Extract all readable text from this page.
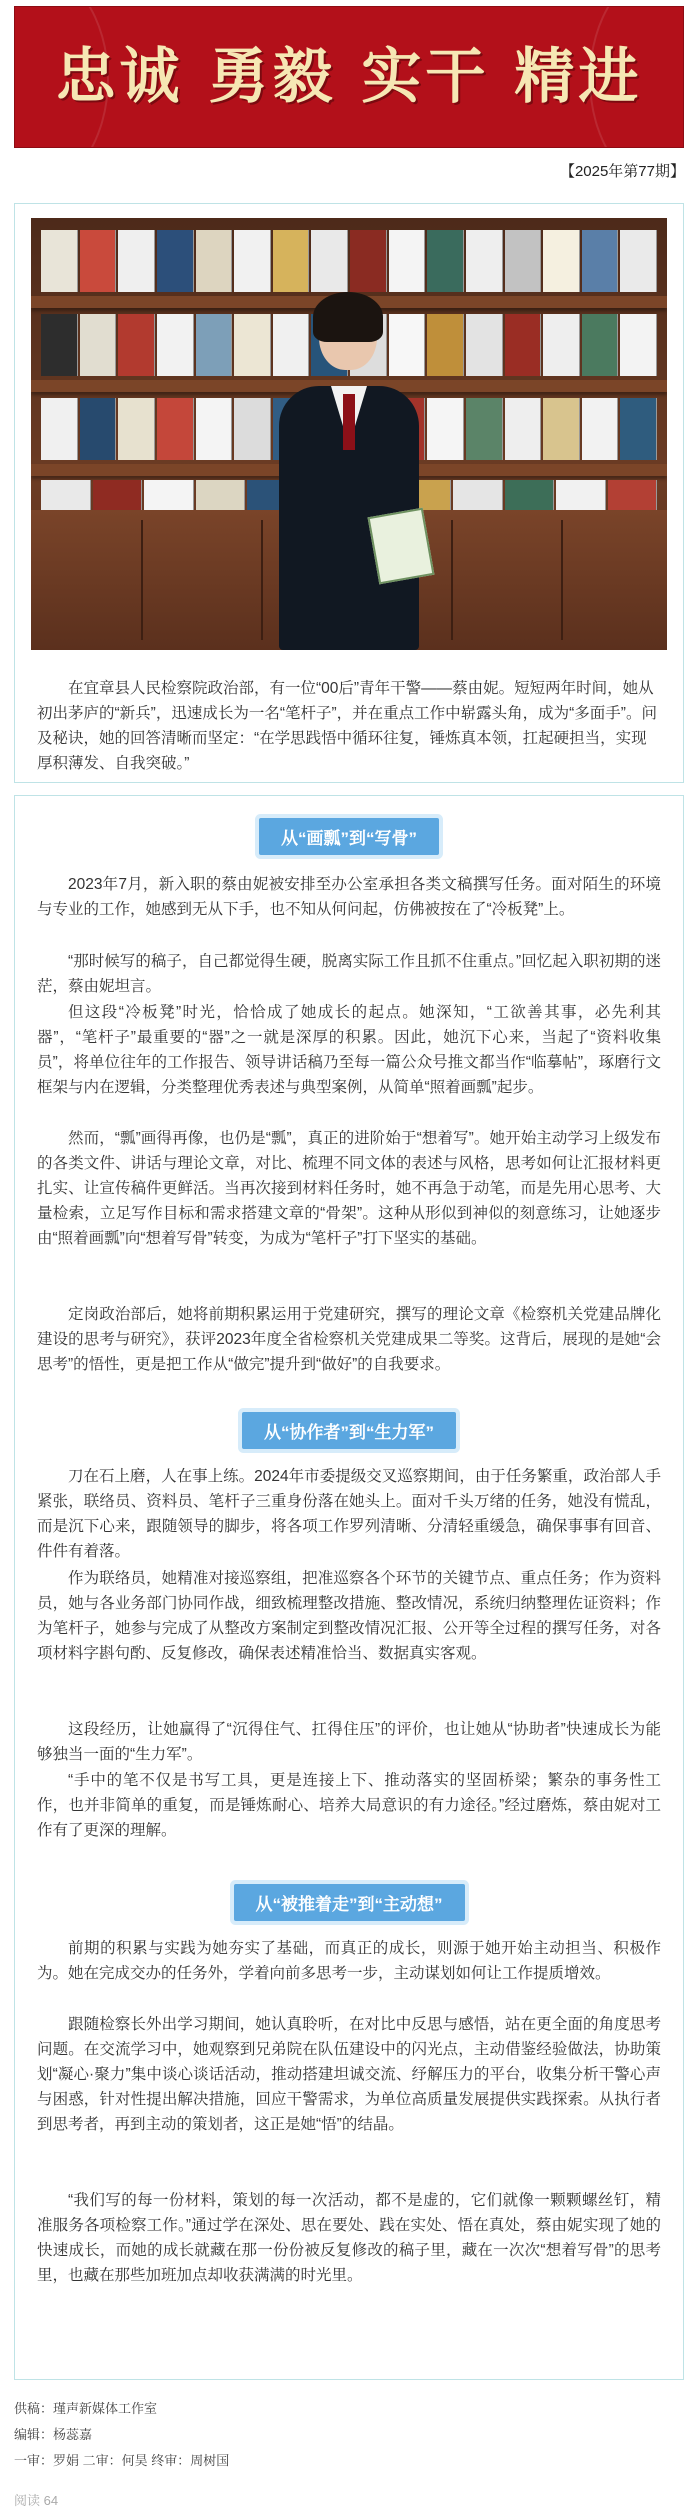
忠诚 勇毅 实干 精进
【2025年第77期】

在宜章县人民检察院政治部，有一位“00后”青年干警——蔡由妮。短短两年时间，她从初出茅庐的“新兵”，迅速成长为一名“笔杆子”，并在重点工作中崭露头角，成为“多面手”。问及秘诀，她的回答清晰而坚定：“在学思践悟中循环往复，锤炼真本领，扛起硬担当，实现厚积薄发、自我突破。”

从“画瓢”到“写骨”

2023年7月，新入职的蔡由妮被安排至办公室承担各类文稿撰写任务。面对陌生的环境与专业的工作，她感到无从下手，也不知从何问起，仿佛被按在了“冷板凳”上。

“那时候写的稿子，自己都觉得生硬，脱离实际工作且抓不住重点。”回忆起入职初期的迷茫，蔡由妮坦言。

但这段“冷板凳”时光，恰恰成了她成长的起点。她深知，“工欲善其事，必先利其器”，“笔杆子”最重要的“器”之一就是深厚的积累。因此，她沉下心来，当起了“资料收集员”，将单位往年的工作报告、领导讲话稿乃至每一篇公众号推文都当作“临摹帖”，琢磨行文框架与内在逻辑，分类整理优秀表述与典型案例，从简单“照着画瓢”起步。

然而，“瓢”画得再像，也仍是“瓢”，真正的进阶始于“想着写”。她开始主动学习上级发布的各类文件、讲话与理论文章，对比、梳理不同文体的表述与风格，思考如何让汇报材料更扎实、让宣传稿件更鲜活。当再次接到材料任务时，她不再急于动笔，而是先用心思考、大量检索，立足写作目标和需求搭建文章的“骨架”。这种从形似到神似的刻意练习，让她逐步由“照着画瓢”向“想着写骨”转变，为成为“笔杆子”打下坚实的基础。

定岗政治部后，她将前期积累运用于党建研究，撰写的理论文章《检察机关党建品牌化建设的思考与研究》，获评2023年度全省检察机关党建成果二等奖。这背后，展现的是她“会思考”的悟性，更是把工作从“做完”提升到“做好”的自我要求。

从“协作者”到“生力军”

刀在石上磨，人在事上练。2024年市委提级交叉巡察期间，由于任务繁重，政治部人手紧张，联络员、资料员、笔杆子三重身份落在她头上。面对千头万绪的任务，她没有慌乱，而是沉下心来，跟随领导的脚步，将各项工作罗列清晰、分清轻重缓急，确保事事有回音、件件有着落。

作为联络员，她精准对接巡察组，把准巡察各个环节的关键节点、重点任务；作为资料员，她与各业务部门协同作战，细致梳理整改措施、整改情况，系统归纳整理佐证资料；作为笔杆子，她参与完成了从整改方案制定到整改情况汇报、公开等全过程的撰写任务，对各项材料字斟句酌、反复修改，确保表述精准恰当、数据真实客观。

这段经历，让她赢得了“沉得住气、扛得住压”的评价，也让她从“协助者”快速成长为能够独当一面的“生力军”。

“手中的笔不仅是书写工具，更是连接上下、推动落实的坚固桥梁；繁杂的事务性工作，也并非简单的重复，而是锤炼耐心、培养大局意识的有力途径。”经过磨炼，蔡由妮对工作有了更深的理解。

从“被推着走”到“主动想”

前期的积累与实践为她夯实了基础，而真正的成长，则源于她开始主动担当、积极作为。她在完成交办的任务外，学着向前多思考一步，主动谋划如何让工作提质增效。

跟随检察长外出学习期间，她认真聆听，在对比中反思与感悟，站在更全面的角度思考问题。在交流学习中，她观察到兄弟院在队伍建设中的闪光点，主动借鉴经验做法，协助策划“凝心·聚力”集中谈心谈话活动，推动搭建坦诚交流、纾解压力的平台，收集分析干警心声与困惑，针对性提出解决措施，回应干警需求，为单位高质量发展提供实践探索。从执行者到思考者，再到主动的策划者，这正是她“悟”的结晶。

“我们写的每一份材料，策划的每一次活动，都不是虚的，它们就像一颗颗螺丝钉，精准服务各项检察工作。”通过学在深处、思在要处、践在实处、悟在真处，蔡由妮实现了她的快速成长，而她的成长就藏在那一份份被反复修改的稿子里，藏在一次次“想着写骨”的思考里，也藏在那些加班加点却收获满满的时光里。

供稿：瑾声新媒体工作室
编辑：杨蕊嘉
一审：罗娟 二审：何昊 终审：周树国
阅读 64
